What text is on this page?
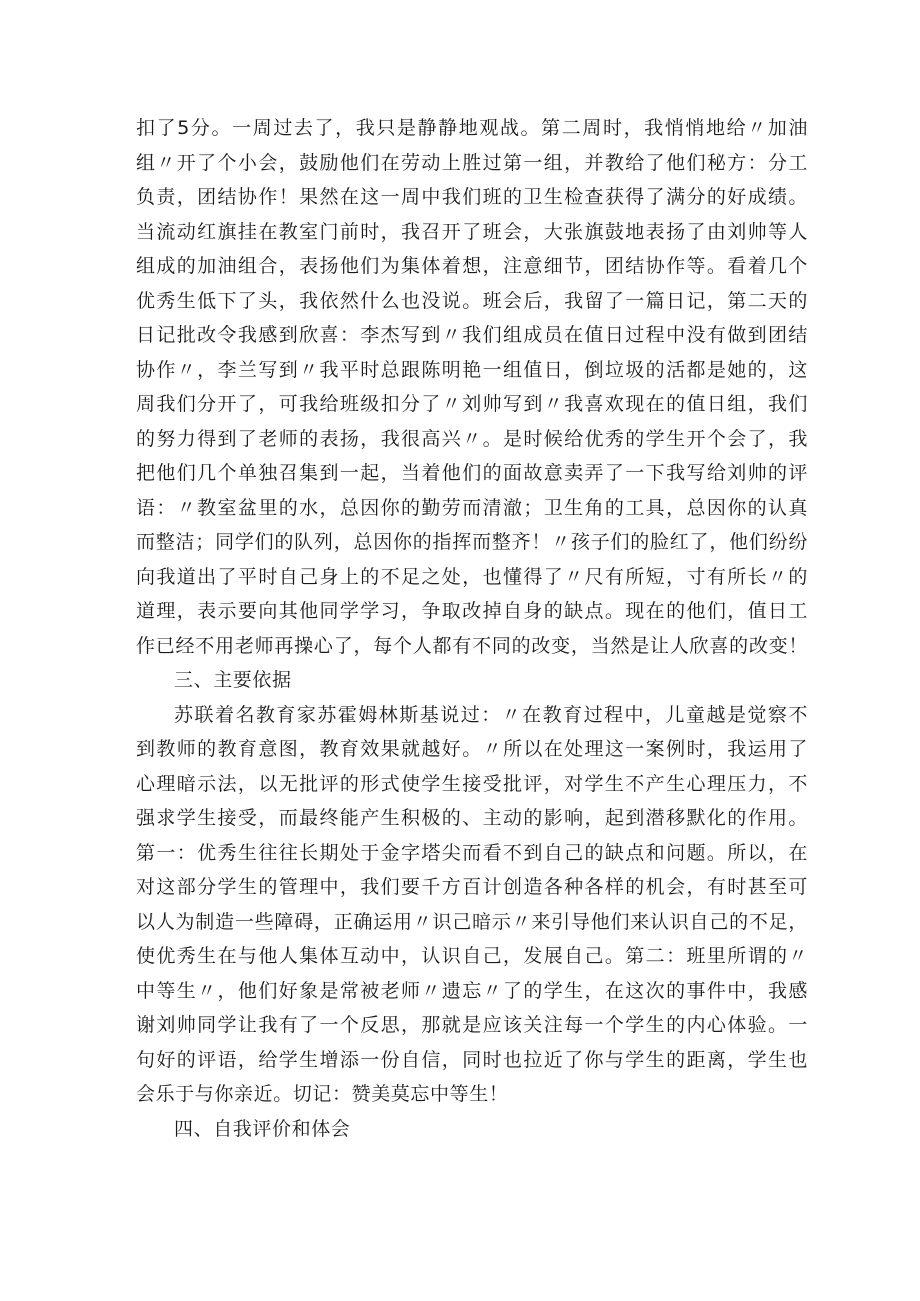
扣了5分。一周过去了，我只是静静地观战。第二周时，我悄悄地给〃加油
组〃开了个小会，鼓励他们在劳动上胜过第一组，并教给了他们秘方：分工
负责，团结协作！果然在这一周中我们班的卫生检查获得了满分的好成绩。
当流动红旗挂在教室门前时，我召开了班会，大张旗鼓地表扬了由刘帅等人
组成的加油组合，表扬他们为集体着想，注意细节，团结协作等。看着几个
优秀生低下了头，我依然什么也没说。班会后，我留了一篇日记，第二天的
日记批改令我感到欣喜：李杰写到〃我们组成员在值日过程中没有做到团结
协作〃，李兰写到〃我平时总跟陈明艳一组值日，倒垃圾的活都是她的，这
周我们分开了，可我给班级扣分了〃刘帅写到〃我喜欢现在的值日组，我们
的努力得到了老师的表扬，我很高兴〃。是时候给优秀的学生开个会了，我
把他们几个单独召集到一起，当着他们的面故意卖弄了一下我写给刘帅的评
语：〃教室盆里的水，总因你的勤劳而清澈；卫生角的工具，总因你的认真
而整洁；同学们的队列，总因你的指挥而整齐！〃孩子们的脸红了，他们纷纷
向我道出了平时自己身上的不足之处，也懂得了〃尺有所短，寸有所长〃的
道理，表示要向其他同学学习，争取改掉自身的缺点。现在的他们，值日工
作已经不用老师再操心了，每个人都有不同的改变，当然是让人欣喜的改变！
三、主要依据
苏联着名教育家苏霍姆林斯基说过：〃在教育过程中，儿童越是觉察不
到教师的教育意图，教育效果就越好。〃所以在处理这一案例时，我运用了
心理暗示法，以无批评的形式使学生接受批评，对学生不产生心理压力，不
强求学生接受，而最终能产生积极的、主动的影响，起到潜移默化的作用。
第一：优秀生往往长期处于金字塔尖而看不到自己的缺点和问题。所以，在
对这部分学生的管理中，我们要千方百计创造各种各样的机会，有时甚至可
以人为制造一些障碍，正确运用〃识己暗示〃来引导他们来认识自己的不足，
使优秀生在与他人集体互动中，认识自己，发展自己。第二：班里所谓的〃
中等生〃，他们好象是常被老师〃遗忘〃了的学生，在这次的事件中，我感
谢刘帅同学让我有了一个反思，那就是应该关注每一个学生的内心体验。一
句好的评语，给学生增添一份自信，同时也拉近了你与学生的距离，学生也
会乐于与你亲近。切记：赞美莫忘中等生！
四、自我评价和体会
